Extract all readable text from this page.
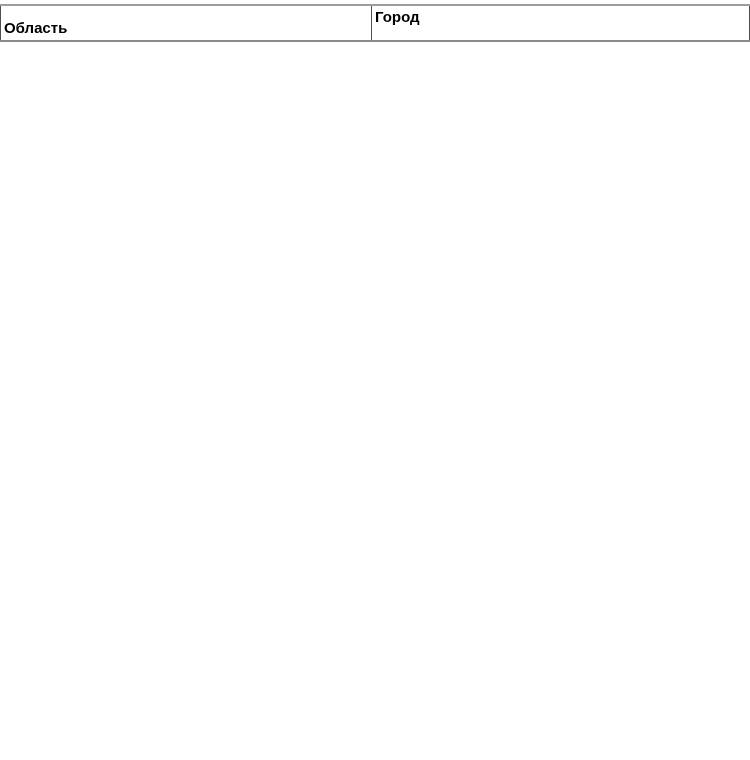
Область	Город
